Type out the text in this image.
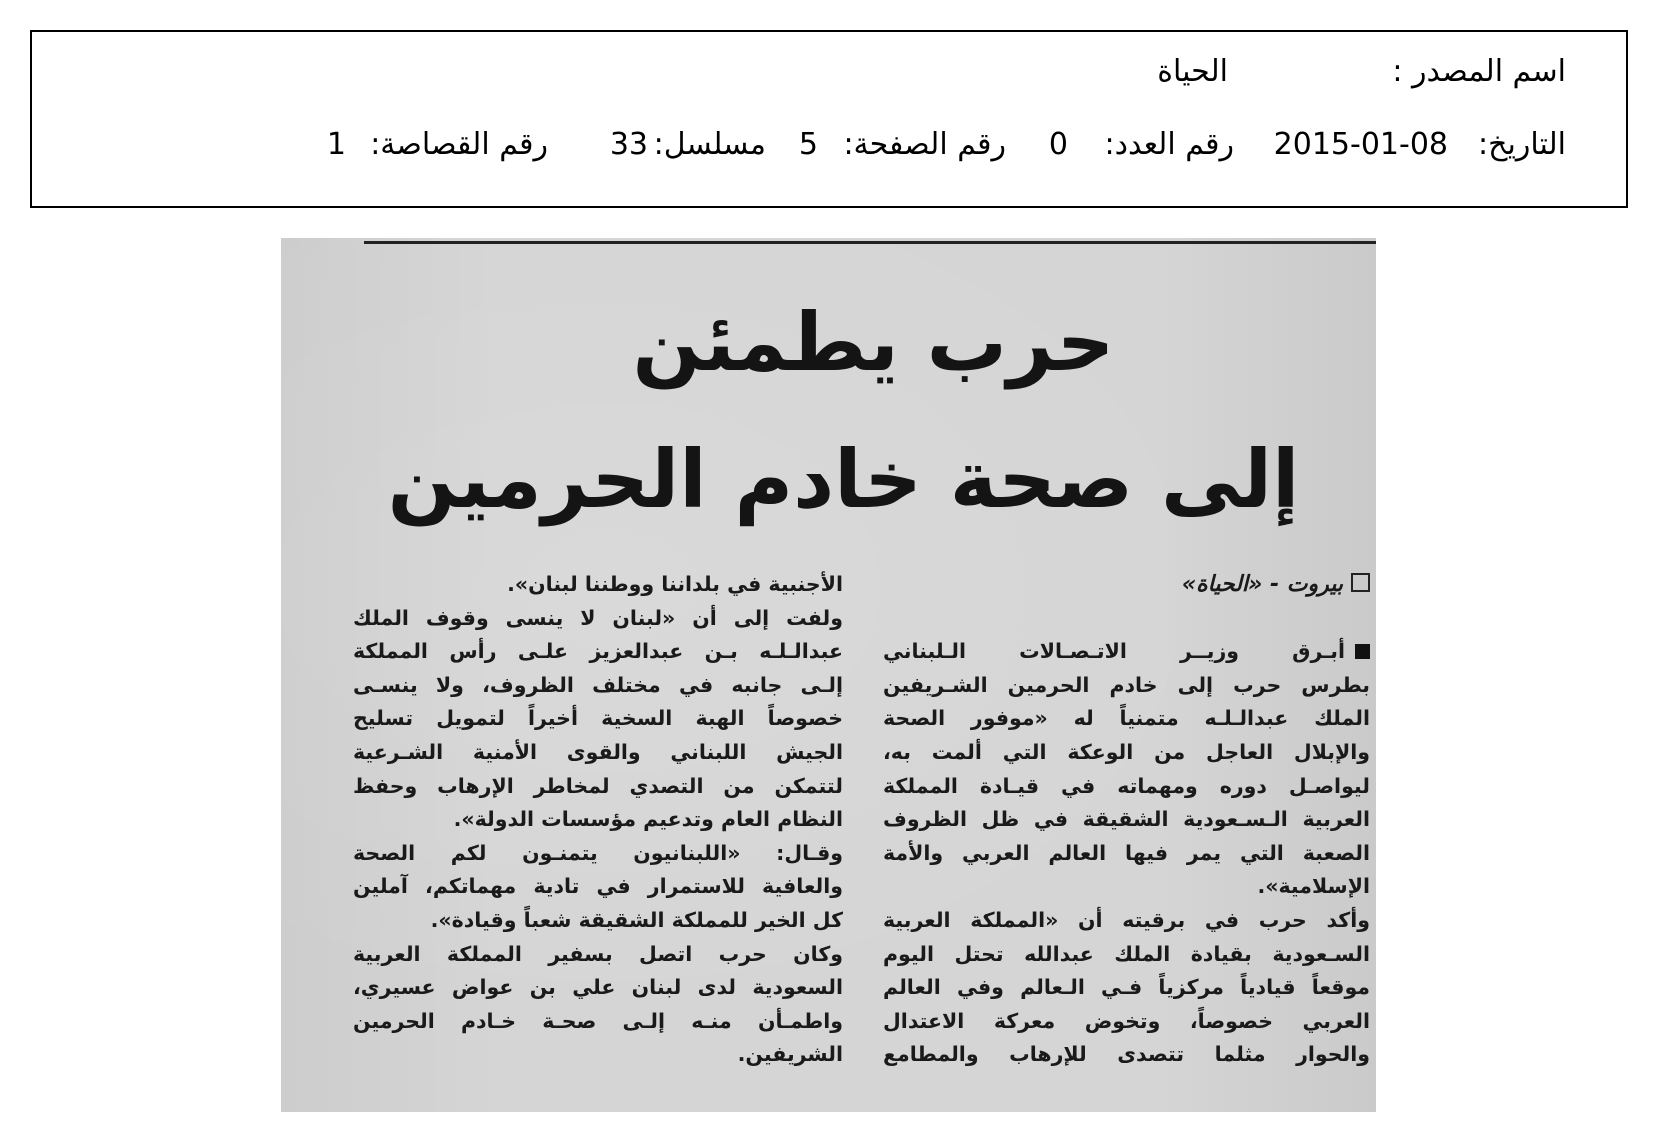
اسم المصدر :
الحياة
التاريخ:
2015-01-08
رقم العدد:
0
رقم الصفحة:
5
مسلسل:
33
رقم القصاصة:
1
حرب يطمئن
إلى صحة خادم الحرمين
بيروت - «الحياة»
أبـرق وزيــر الاتـصـالات الـلبناني
بطرس حرب إلى خادم الحرمين الشـريفين
الملك عبدالـلـه متمنياً له «موفور الصحة
والإبلال العاجل من الوعكة التي ألمت به،
ليواصـل دوره ومهماته في قيـادة المملكة
العربية الـسـعودية الشقيقة في ظل الظروف
الصعبة التي يمر فيها العالم العربي والأمة
الإسلامية».
وأكد حرب في برقيته أن «المملكة العربية
السـعودية بقيادة الملك عبدالله تحتل اليوم
موقعاً قيادياً مركزياً فـي الـعالم وفي العالم
العربي خصوصاً، وتخوض معركة الاعتدال
والحوار مثلما تتصدى للإرهاب والمطامع
الأجنبية في بلداننا ووطننا لبنان».
ولفت إلى أن «لبنان لا ينسى وقوف الملك
عبدالـلـه بـن عبدالعزيز علـى رأس المملكة
إلـى جانبه في مختلف الظروف، ولا ينسـى
خصوصاً الهبة السخية أخيراً لتمويل تسليح
الجيش اللبناني والقوى الأمنية الشـرعية
لتتمكن من التصدي لمخاطر الإرهاب وحفظ
النظام العام وتدعيم مؤسسات الدولة».
وقـال: «اللبنانيون يتمنـون لكم الصحة
والعافية للاستمرار في تادية مهماتكم، آملين
كل الخير للمملكة الشقيقة شعباً وقيادة».
وكان حرب اتصل بسفير المملكة العربية
السعودية لدى لبنان علي بن عواض عسيري،
واطمـأن منـه إلـى صحـة خـادم الحرمين
الشريفين.
